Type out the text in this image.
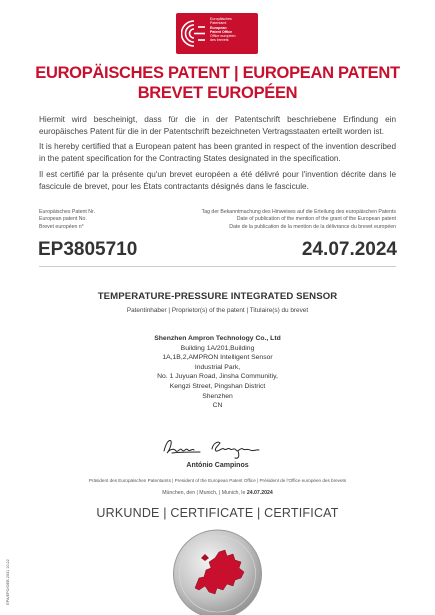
Europäisches
Patentamt
European
Patent Office
Office européen
des brevets
EUROPÄISCHES PATENT | EUROPEAN PATENT
BREVET EUROPÉEN
Hiermit wird bescheinigt, dass für die in der Patentschrift beschriebene Erfindung ein europäisches Patent für die in der Patentschrift bezeichneten Vertragsstaaten erteilt worden ist.
It is hereby certified that a European patent has been granted in respect of the invention described in the patent specification for the Contracting States designated in the specification.
Il est certifié par la présente qu'un brevet européen a été délivré pour l'invention décrite dans le fascicule de brevet, pour les États contractants désignés dans le fascicule.
Europäisches Patent Nr.
European patent No.
Brevet européen n°
Tag der Bekanntmachung des Hinweises auf die Erteilung des europäischen Patents
Date of publication of the mention of the grant of the European patent
Date de la publication de la mention de la délivrance du brevet européen
EP3805710	24.07.2024
TEMPERATURE-PRESSURE INTEGRATED SENSOR
Patentinhaber | Proprietor(s) of the patent | Titulaire(s) du brevet
Shenzhen Ampron Technology Co., Ltd
Building 1A/201,Building
1A,1B,2,AMPRON Intelligent Sensor
Industrial Park,
No. 1 Juyuan Road, Jinsha Communitiy,
Kengzi Street, Pingshan District
Shenzhen
CN
António Campinos
Präsident des Europäischen Patentamts | President of the European Patent Office | Président de l'Office européen des brevets
München, den | Munich, | Munich, le 24.07.2024
URKUNDE | CERTIFICATE | CERTIFICAT
EPA/EPO/OEB 2031 10.22
